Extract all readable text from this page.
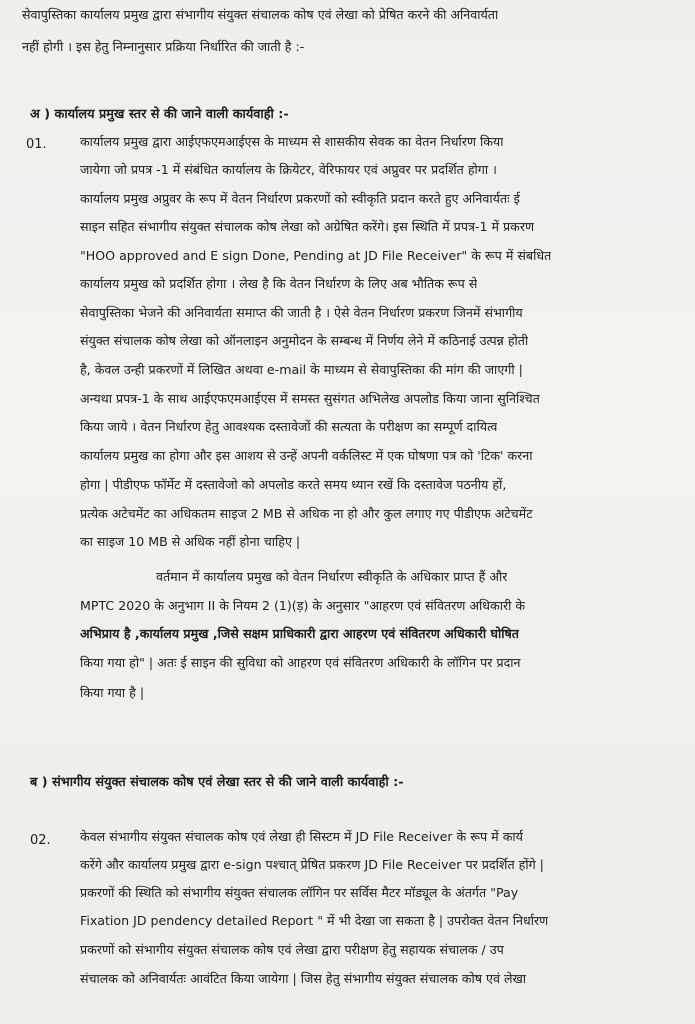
सेवापुस्तिका कार्यालय प्रमुख द्वारा संभागीय संयुक्त संचालक कोष एवं लेखा को प्रेषित करने की अनिवार्यता
नहीं होगी । इस हेतु निम्नानुसार प्रक्रिया निर्धारित की जाती है :-
अ ) कार्यालय प्रमुख स्तर से की जाने वाली कार्यवाही :-
01.	कार्यालय प्रमुख द्वारा आईएफएमआईएस के माध्यम से शासकीय सेवक का वेतन निर्धारण किया
जायेगा जो प्रपत्र -1 में संबंधित कार्यालय के क्रियेटर, वेरिफायर एवं अप्रुवर पर प्रदर्शित होगा ।
कार्यालय प्रमुख अप्रुवर के रूप में वेतन निर्धारण प्रकरणों को स्वीकृति प्रदान करते हुए अनिवार्यतः ई
साइन सहित संभागीय संयुक्त संचालक कोष लेखा को अग्रेषित करेंगे। इस स्थिति में प्रपत्र-1 में प्रकरण
"HOO approved and E sign Done, Pending at JD File Receiver" के रूप में संबधित
कार्यालय प्रमुख को प्रदर्शित होगा । लेख है कि वेतन निर्धारण के लिए अब भौतिक रूप से
सेवापुस्तिका भेजने की अनिवार्यता समाप्त की जाती है । ऐसे वेतन निर्धारण प्रकरण जिनमें संभागीय
संयुक्त संचालक कोष लेखा को ऑनलाइन अनुमोदन के सम्बन्ध में निर्णय लेने में कठिनाई उत्पन्न होती
है, केवल उन्ही प्रकरणों में लिखित अथवा e-mail के माध्यम से सेवापुस्तिका की मांग की जाएगी |
अन्यथा प्रपत्र-1 के साथ आईएफएमआईएस में समस्त सुसंगत अभिलेख अपलोड किया जाना सुनिश्चित
किया जाये । वेतन निर्धारण हेतु आवश्यक दस्तावेजों की सत्यता के परीक्षण का सम्पूर्ण दायित्व
कार्यालय प्रमुख का होगा और इस आशय से उन्हें अपनी वर्कलिस्ट में एक घोषणा पत्र को 'टिक' करना
होगा | पीडीएफ फॉर्मेट में दस्तावेजो को अपलोड करते समय ध्यान रखें कि दस्तावेज पठनीय हों,
प्रत्येक अटेचमेंट का अधिकतम साइज 2 MB से अधिक ना हो और कुल लगाए गए पीडीएफ अटेचमेंट
का साइज 10 MB से अधिक नहीं होना चाहिए |
वर्तमान में कार्यालय प्रमुख को वेतन निर्धारण स्वीकृति के अधिकार प्राप्त हैं और
MPTC 2020 के अनुभाग II के नियम 2 (1)(ड़) के अनुसार "आहरण एवं संवितरण अधिकारी के
अभिप्राय है ,कार्यालय प्रमुख ,जिसे सक्षम प्राधिकारी द्वारा आहरण एवं संवितरण अधिकारी घोषित
किया गया हो" | अतः ई साइन की सुविधा को आहरण एवं संवितरण अधिकारी के लॉगिन पर प्रदान
किया गया है |
ब ) संभागीय संयुक्त संचालक कोष एवं लेखा स्तर से की जाने वाली कार्यवाही :-
02. केवल संभागीय संयुक्त संचालक कोष एवं लेखा ही सिस्टम में JD File Receiver के रूप में कार्य
करेंगे और कार्यालय प्रमुख द्वारा e-sign पश्चात् प्रेषित प्रकरण JD File Receiver पर प्रदर्शित होंगे |
प्रकरणों की स्थिति को संभागीय संयुक्त संचालक लॉगिन पर सर्विस मैटर मॉड्यूल के अंतर्गत "Pay
Fixation JD pendency detailed Report " में भी देखा जा सकता है | उपरोक्त वेतन निर्धारण
प्रकरणों को संभागीय संयुक्त संचालक कोष एवं लेखा द्वारा परीक्षण हेतु सहायक संचालक / उप
संचालक को अनिवार्यतः आवंटित किया जायेगा | जिस हेतु संभागीय संयुक्त संचालक कोष एवं लेखा
